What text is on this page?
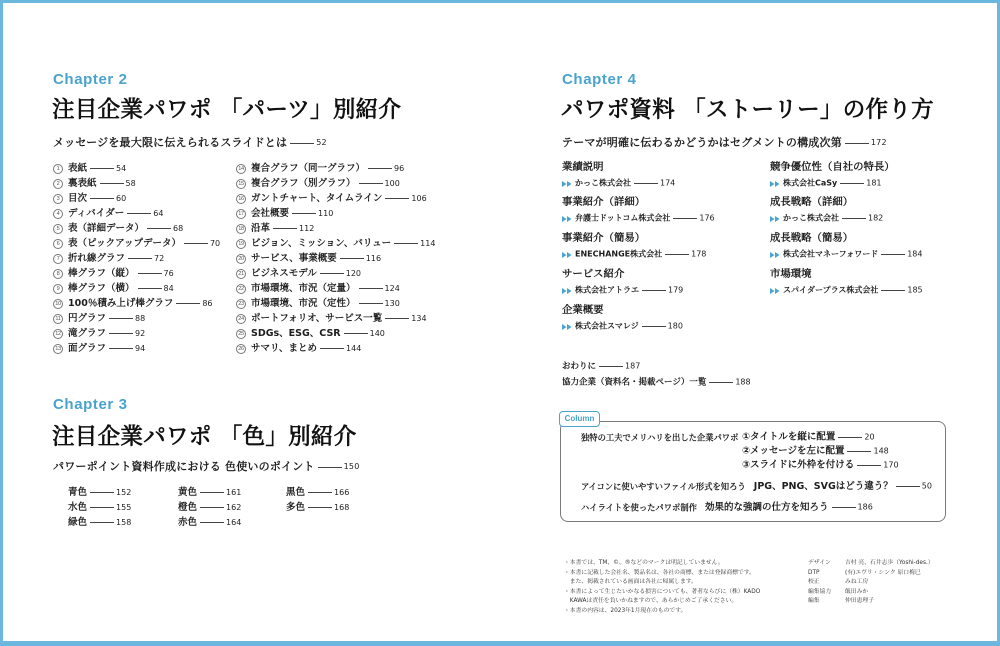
Chapter 2
注目企業パワポ 「パーツ」別紹介
メッセージを最大限に伝えられるスライドとは	52
1 表紙	54
2 裏表紙	58
3 目次	60
4 ディバイダー	64
5 表（詳細データ）	68
6 表（ピックアップデータ）	70
7 折れ線グラフ	72
8 棒グラフ（縦）	76
9 棒グラフ（横）	84
10 100％積み上げ棒グラフ	86
11 円グラフ	88
12 滝グラフ	92
13 面グラフ	94
14 複合グラフ（同一グラフ）	96
15 複合グラフ（別グラフ）	100
16 ガントチャート、タイムライン	106
17 会社概要	110
18 沿革	112
19 ビジョン、ミッション、バリュー	114
20 サービス、事業概要	116
21 ビジネスモデル	120
22 市場環境、市況（定量）	124
23 市場環境、市況（定性）	130
24 ポートフォリオ、サービス一覧	134
25 SDGs、ESG、CSR	140
26 サマリ、まとめ	144
Chapter 3
注目企業パワポ 「色」別紹介
パワーポイント資料作成における 色使いのポイント	150
青色	152
水色	155
緑色	158
黄色	161
橙色	162
赤色	164
黒色	166
多色	168
Chapter 4
パワポ資料 「ストーリー」の作り方
テーマが明確に伝わるかどうかはセグメントの構成次第	172
業績説明
かっこ株式会社	174
事業紹介（詳細）
弁護士ドットコム株式会社	176
事業紹介（簡易）
ENECHANGE株式会社	178
サービス紹介
株式会社アトラエ	179
企業概要
株式会社スマレジ	180
競争優位性（自社の特長）
株式会社CaSy	181
成長戦略（詳細）
かっこ株式会社	182
成長戦略（簡易）
株式会社マネーフォワード	184
市場環境
スパイダープラス株式会社	185
おわりに	187
協力企業（資料名・掲載ページ）一覧	188
Column
独特の工夫でメリハリを出した企業パワポ ①タイトルを縦に配置	20
②メッセージを左に配置	148
③スライドに外枠を付ける	170
アイコンに使いやすいファイル形式を知ろう JPG、PNG、SVGはどう違う？	50
ハイライトを使ったパワポ制作 効果的な強調の仕方を知ろう	186
・本書では、TM、©、®などのマークは明記していません。
・本書に記載した会社名、製品名は、各社の商標、または登録商標です。
　また、掲載されている画面は各社に帰属します。
・本書によって生じたいかなる損害についても、著者ならびに（株）KADO
　KAWAは責任を負いかねますので、あらかじめご了承ください。
・本書の内容は、2023年1月現在のものです。
デザイン 吉村 亮、石井志歩（Yoshi-des.）
DTP	(有)エヴリ・シンク 原口梅巳
校正	みね工房
編集協力 飯田みか
編集	仲田恵理子
